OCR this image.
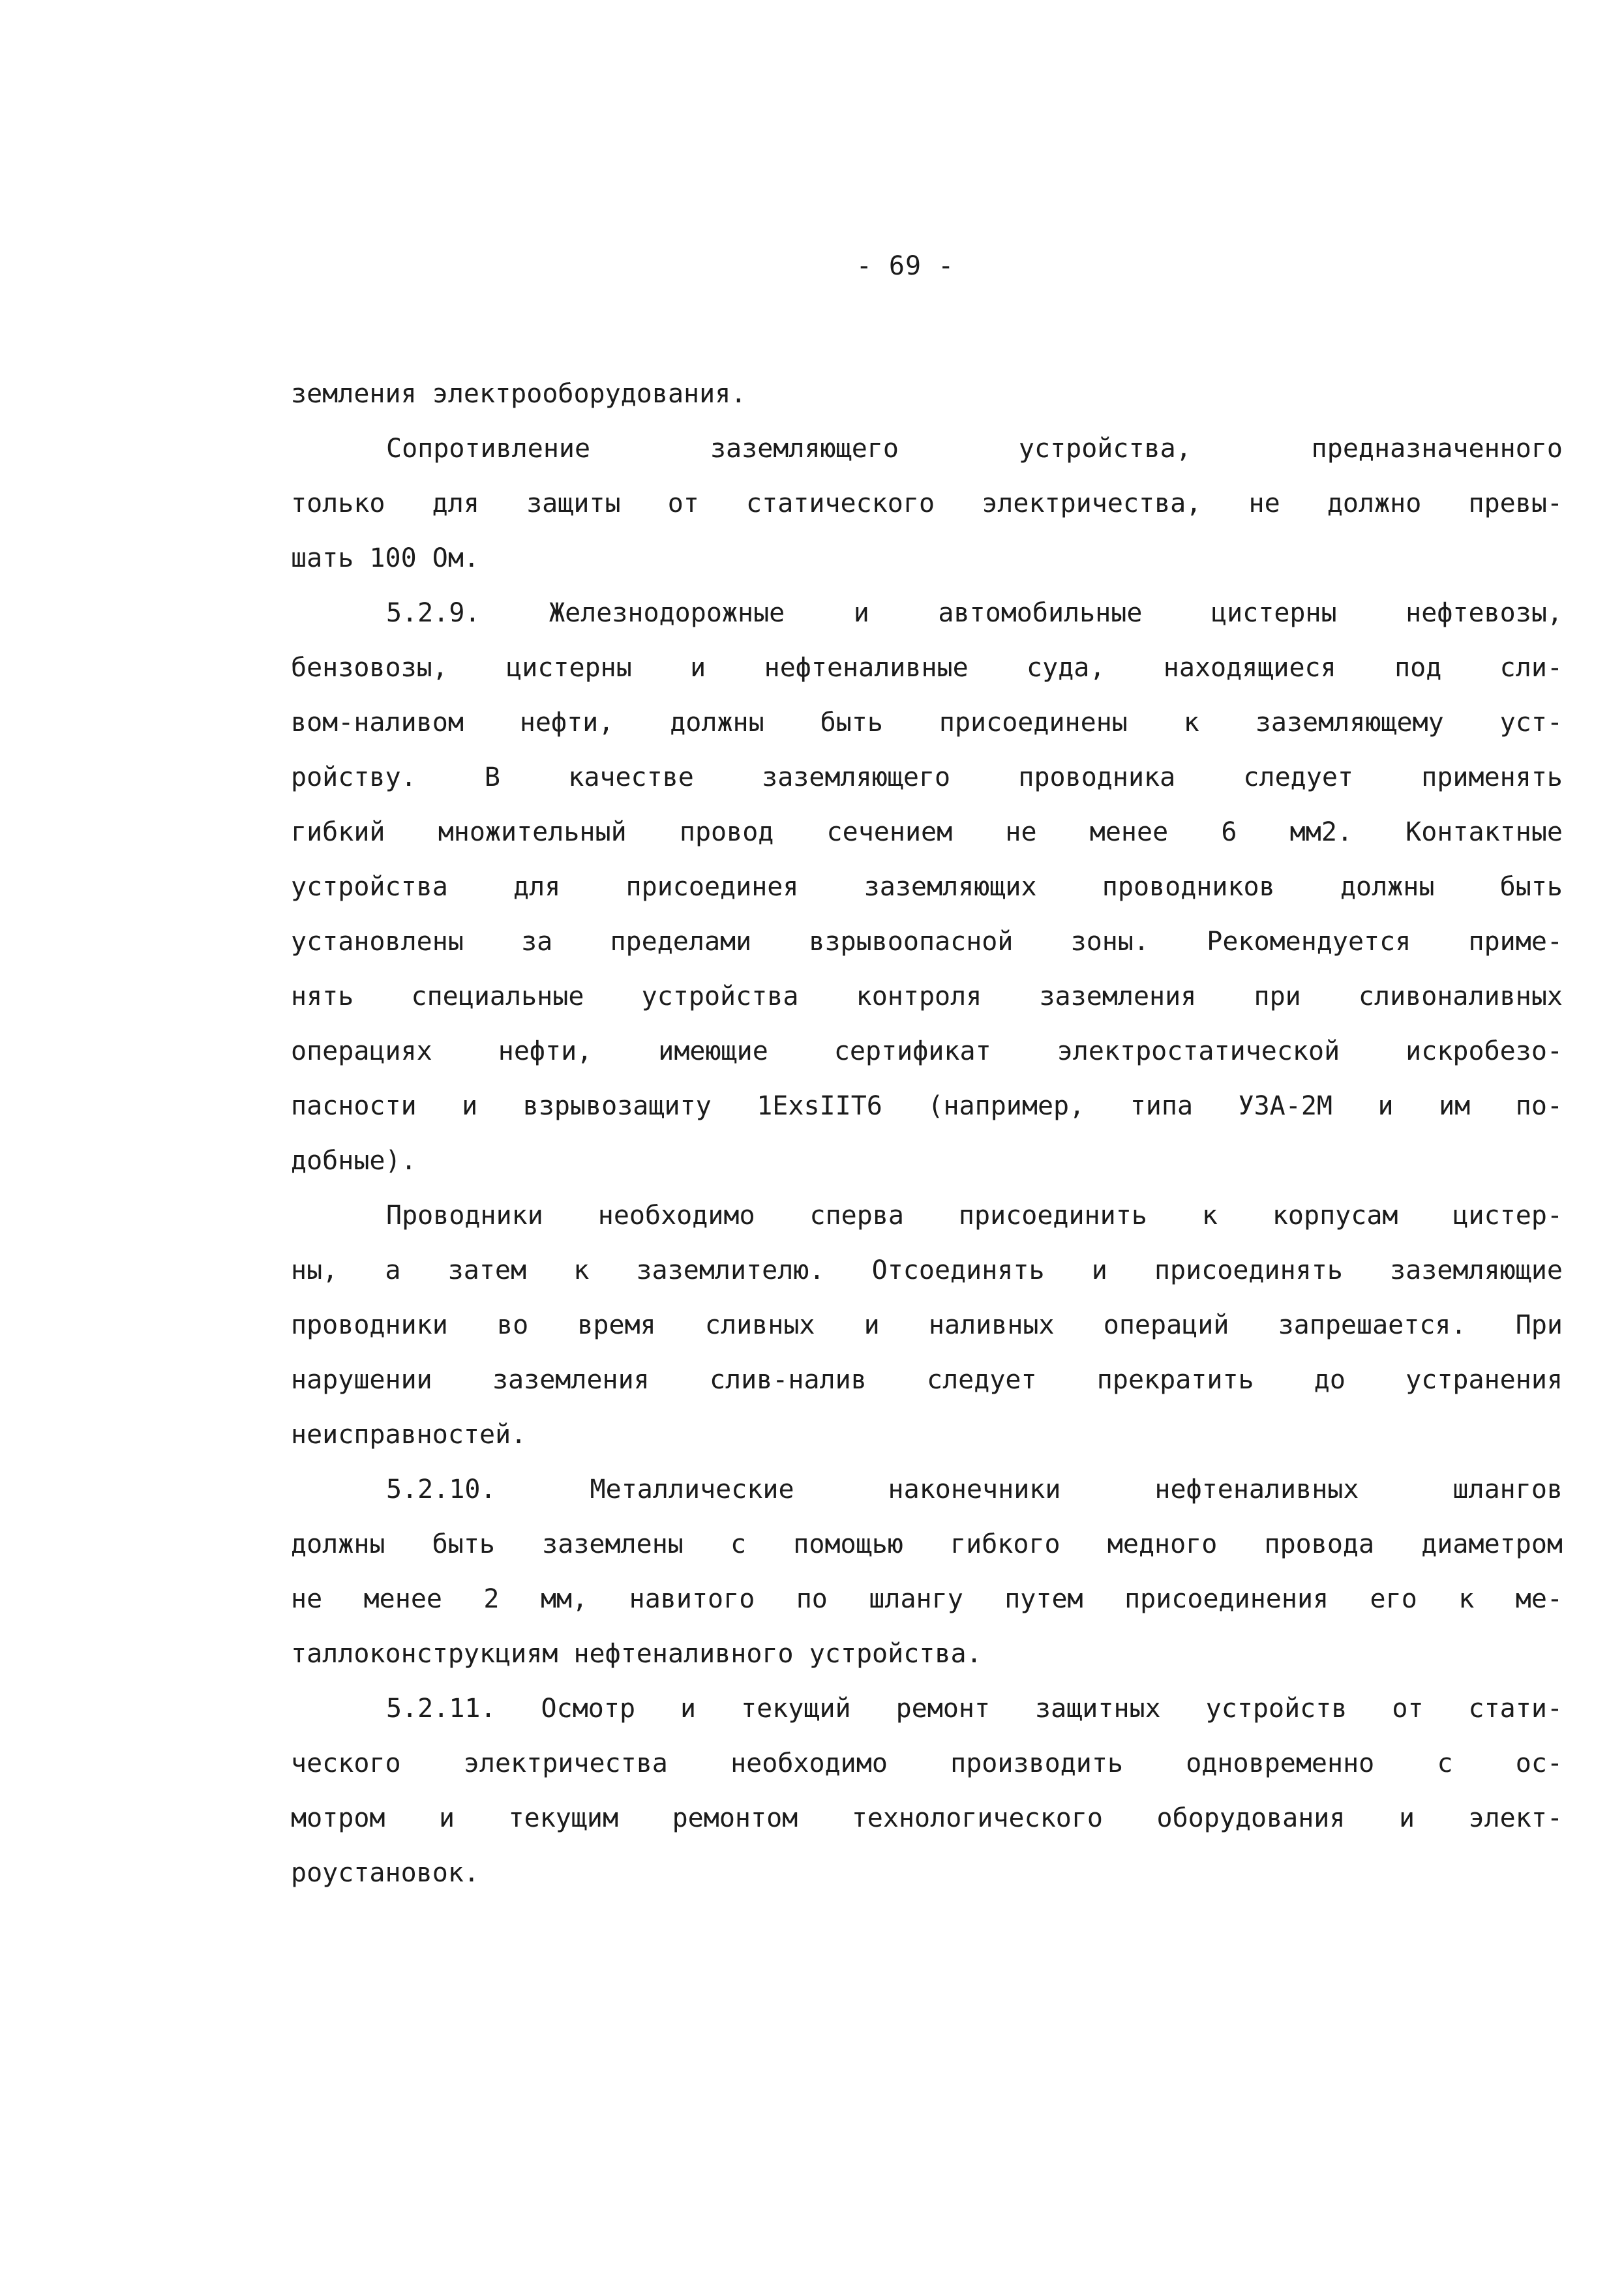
- 69 -
земления электрооборудования.
Сопротивление заземляющего устройства, предназначенного
только для защиты от статического электричества, не должно превы-
шать 100 Ом.
5.2.9. Железнодорожные и автомобильные цистерны нефтевозы,
бензовозы, цистерны и нефтеналивные суда, находящиеся под сли-
вом-наливом нефти, должны быть присоединены к заземляющему уст-
ройству. В качестве заземляющего проводника следует применять
гибкий множительный провод сечением не менее 6 мм2. Контактные
устройства для присоединея заземляющих проводников должны быть
установлены за пределами взрывоопасной зоны. Рекомендуется приме-
нять специальные устройства контроля заземления при сливоналивных
операциях нефти, имеющие сертификат электростатической искробезо-
пасности и взрывозащиту 1ExsIIT6 (например, типа УЗА-2М и им по-
добные).
Проводники необходимо сперва присоединить к корпусам цистер-
ны, а затем к заземлителю. Отсоединять и присоединять заземляющие
проводники во время сливных и наливных операций запрешается. При
нарушении заземления слив-налив следует прекратить до устранения
неисправностей.
5.2.10. Металлические наконечники нефтеналивных шлангов
должны быть заземлены с помощью гибкого медного провода диаметром
не менее 2 мм, навитого по шлангу путем присоединения его к ме-
таллоконструкциям нефтеналивного устройства.
5.2.11. Осмотр и текущий ремонт защитных устройств от стати-
ческого электричества необходимо производить одновременно с ос-
мотром и текущим ремонтом технологического оборудования и элект-
роустановок.
